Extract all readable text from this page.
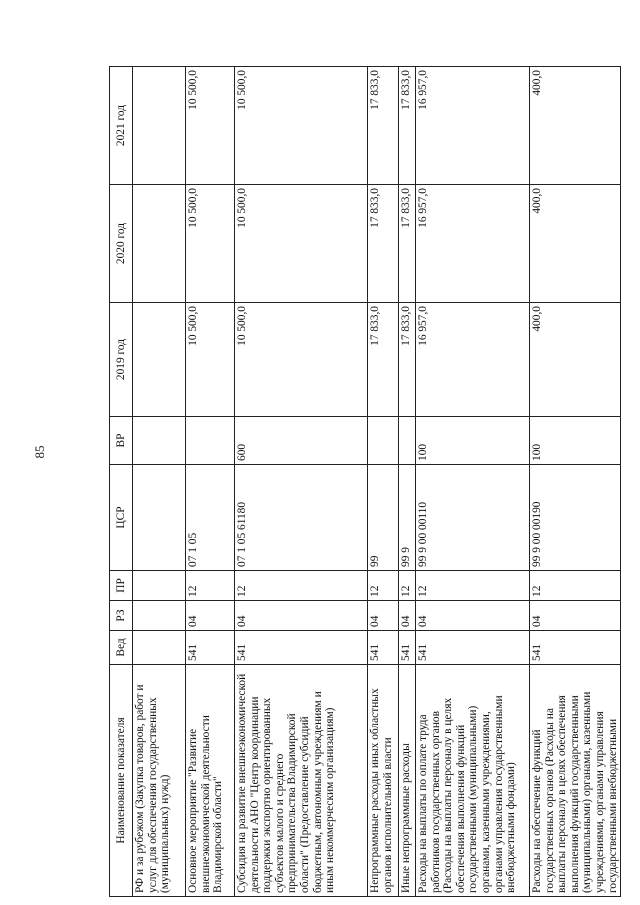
85
Наименование показателя	Вед	РЗ	ПР	ЦСР	ВР	2019 год	2020 год	2021 год
РФ и за рубежом (Закупка товаров, работ и услуг для обеспечения государственных (муниципальных) нужд)								
Основное мероприятие "Развитие внешнеэкономической деятельности Владимирской области"	541	04	12	07 1 05		10 500,0	10 500,0	10 500,0
Субсидия на развитие внешнеэкономической деятельности АНО "Центр координации поддержки экспортно ориентированных субъектов малого и среднего предпринимательства Владимирской области" (Предоставление субсидий бюджетным, автономным учреждениям и иным некоммерческим организациям)	541	04	12	07 1 05 61180	600	10 500,0	10 500,0	10 500,0
Непрограммные расходы иных областных органов исполнительной власти	541	04	12	99		17 833,0	17 833,0	17 833,0
Иные непрограммные расходы	541	04	12	99 9		17 833,0	17 833,0	17 833,0
Расходы на выплаты по оплате труда работников государственных органов (Расходы на выплаты персоналу в целях обеспечения выполнения функций государственными (муниципальными) органами, казенными учреждениями, органами управления государственными внебюджетными фондами)	541	04	12	99 9 00 00110	100	16 957,0	16 957,0	16 957,0
Расходы на обеспечение функций государственных органов (Расходы на выплаты персоналу в целях обеспечения выполнения функций государственными (муниципальными) органами, казенными учреждениями, органами управления государственными внебюджетными	541	04	12	99 9 00 00190	100	400,0	400,0	400,0
